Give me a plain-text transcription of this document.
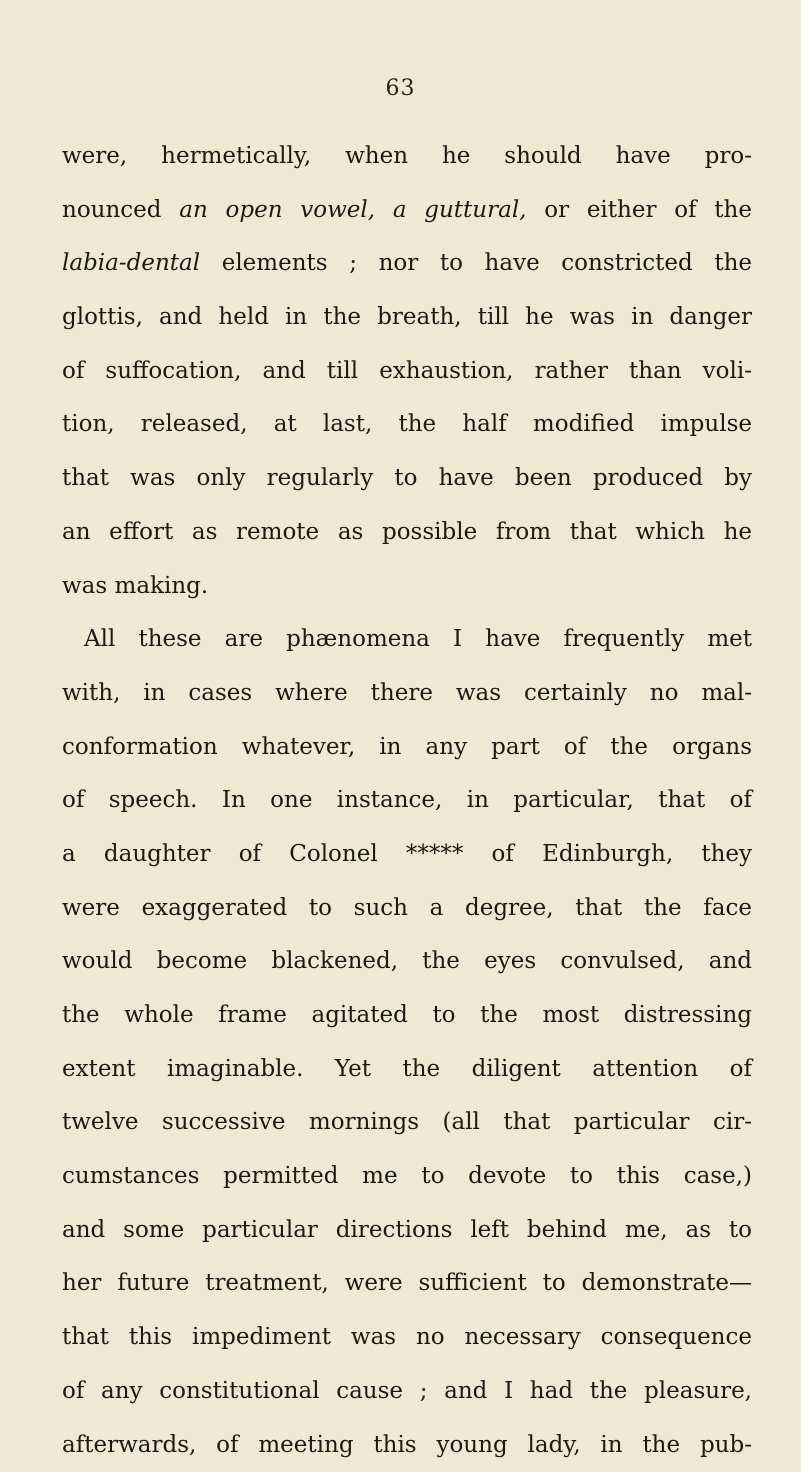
63
were, hermetically, when he should have pro-
nounced an open vowel, a guttural, or either of the
labia-dental elements ; nor to have constricted the
glottis, and held in the breath, till he was in danger
of suffocation, and till exhaustion, rather than voli-
tion, released, at last, the half modified impulse
that was only regularly to have been produced by
an effort as remote as possible from that which he
was making.
All these are phænomena I have frequently met
with, in cases where there was certainly no mal-
conformation whatever, in any part of the organs
of speech. In one instance, in particular, that of
a daughter of Colonel ***** of Edinburgh, they
were exaggerated to such a degree, that the face
would become blackened, the eyes convulsed, and
the whole frame agitated to the most distressing
extent imaginable. Yet the diligent attention of
twelve successive mornings (all that particular cir-
cumstances permitted me to devote to this case,)
and some particular directions left behind me, as to
her future treatment, were sufficient to demonstrate—
that this impediment was no necessary consequence
of any constitutional cause ; and I had the pleasure,
afterwards, of meeting this young lady, in the pub-
